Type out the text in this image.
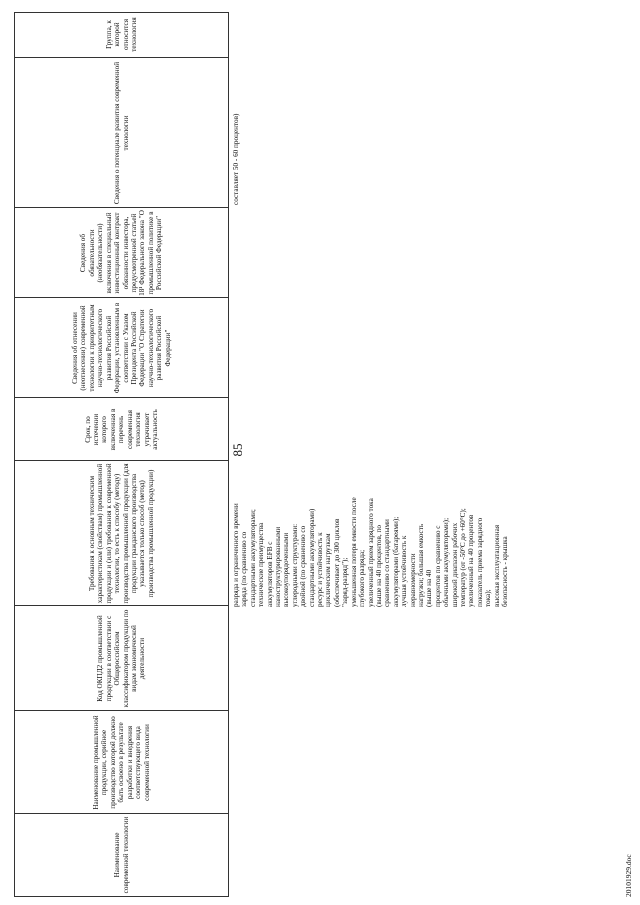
85
Наименование современной технологии
Наименование промышленной продукции, серийное производство которой должно быть освоено в результате разработки и внедрения соответствующего вида современной технологии
Код ОКПД2 промышленной продукции в соответствии с Общероссийским классификатором продукции по видам экономической деятельности
Требования к основным техническим характеристикам (свойствам) промышленной продукции и (или) требования к современной технологии, то есть к способу (методу) производства промышленной продукции (для продукции гражданского производства указывается только способ (метод) производства промышленной продукции)
Срок, по истечении которого включенная в перечень современная технология утрачивает актуальность
Сведения об отнесении (неотнесении) современной технологии к приоритетным научно-технологического развития Российской Федерации, установленным в соответствии с Указом Президента Российской Федерации "О Стратегии научно-технологического развития Российской Федерации"
Сведения об обязательности (необязательности) включения в специальный инвестиционный контракт обязанности инвестора, предусмотренной статьей 18¹ Федерального закона "О промышленной политике в Российской Федерации"
Сведения о потенциале развития современной технологии
Группа, к которой относится технология
разряда и ограниченного времени заряда (по сравнению со стандартными аккумуляторами; технические преимущества аккумуляторов EFB с наноструктурированными высокоупорядоченными углеродными структурами: двойной (по сравнению со стандартными аккумуляторами) ресурс и устойчивость к циклическим нагрузкам (обеспечивает до 300 циклов "заряд-разряд"); уменьшенная потеря емкости после глубокого разряда; увеличенный прием зарядного тока (выше на 40 процентов, по сравнению со стандартными аккумуляторами (батареями); лучшая устойчивость к неравномерности нагрузки; большая емкость (выше на 40 процентов по сравнению с обычными аккумуляторами); широкий диапазон рабочих температур (от -50°С до +60°С); увеличенный на 40 процентов показатель приема зарядного тока); высокая эксплуатационная безопасность - крышка
составляет 50 - 60 процентов)
20101929.doc
